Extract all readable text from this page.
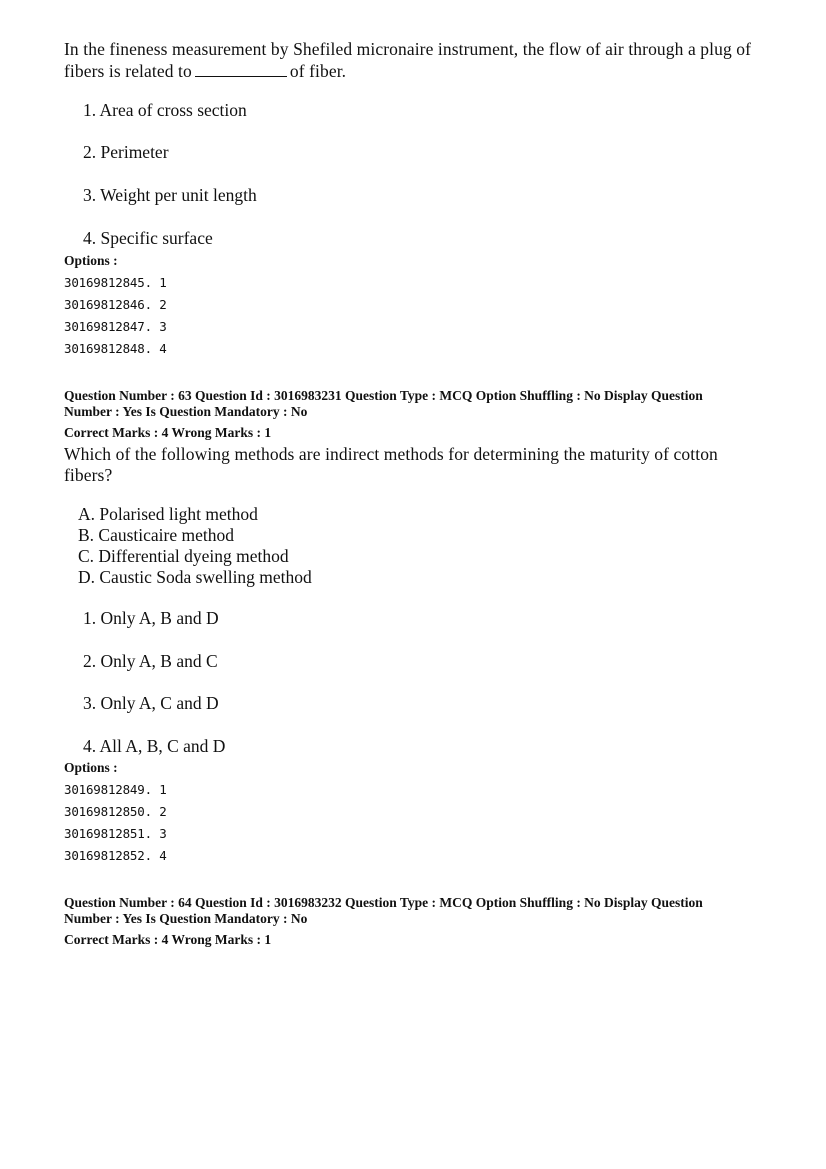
In the fineness measurement by Shefiled micronaire instrument, the flow of air through a plug of
fibers is related to	of fiber.
1. Area of cross section
2. Perimeter
3. Weight per unit length
4. Specific surface
Options :
30169812845. 1
30169812846. 2
30169812847. 3
30169812848. 4
Question Number : 63 Question Id : 3016983231 Question Type : MCQ Option Shuffling : No Display Question
Number : Yes Is Question Mandatory : No
Correct Marks : 4 Wrong Marks : 1
Which of the following methods are indirect methods for determining the maturity of cotton
fibers?
A. Polarised light method
B. Causticaire method
C. Differential dyeing method
D. Caustic Soda swelling method
1. Only A, B and D
2. Only A, B and C
3. Only A, C and D
4. All A, B, C and D
Options :
30169812849. 1
30169812850. 2
30169812851. 3
30169812852. 4
Question Number : 64 Question Id : 3016983232 Question Type : MCQ Option Shuffling : No Display Question
Number : Yes Is Question Mandatory : No
Correct Marks : 4 Wrong Marks : 1
